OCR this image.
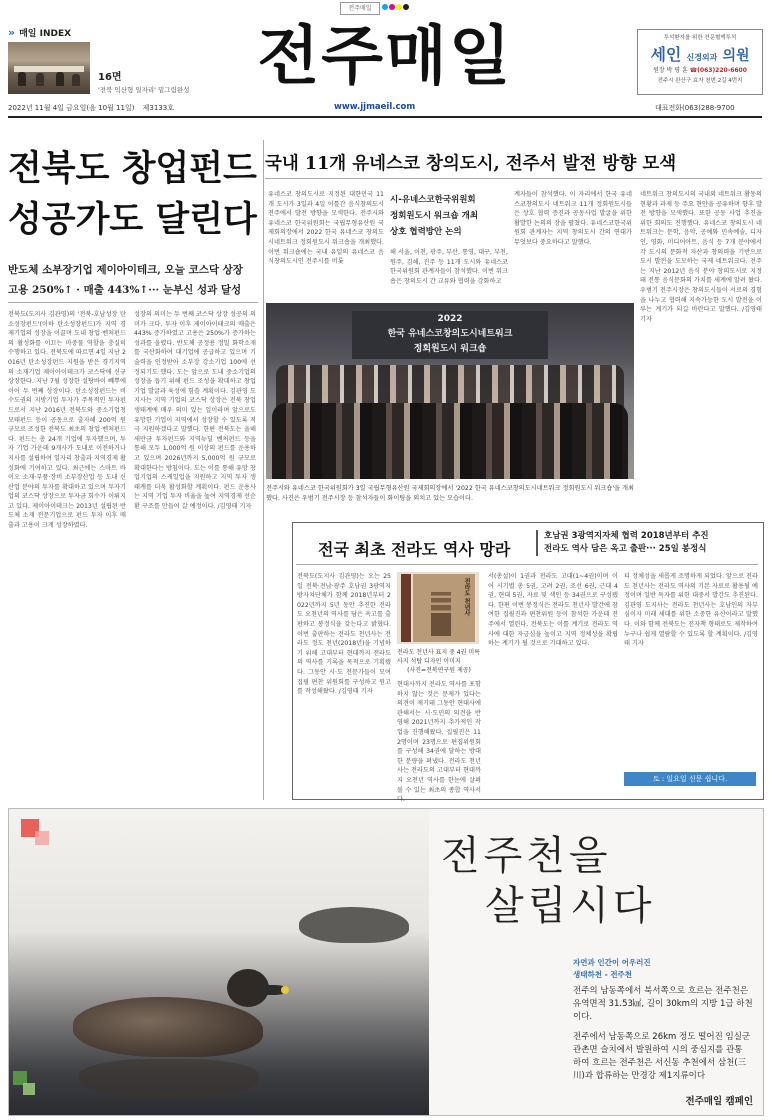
전주매일
» 매일 INDEX
16면
'전북 익산형 일자리' 밑그림완성 전주매일	투석환자를 위한 전문혈액투석
세인 신경외과 의원
원장 박 평 훈 ☎(063)220-6600
전주시 완산구 효자 천변 2길 4번지
2022년 11월 4일 금요일(음 10월 11일) 제3133호	www.jjmaeil.com	대표전화(063)288-9700
전북도 창업펀드
성공가도 달린다
반도체 소부장기업 제이아이테크, 오늘 코스닥 상장
고용 250%↑ · 매출 443%↑··· 눈부신 성과 달성

전북도(도지사 김관영)의 '전북-호남성장 탄소성장펀드'(이하 탄소성장펀드)가 지역 경제기업의 성장을 이끌며 도내 창업·벤처펀드의 활성화를 이끄는 마중물 역할을 충실히 수행하고 있다. 전북도에 따르면 4일 지난 2016년 탄소성장펀드 지원을 받은 경기지역의 소재기업 제이아이테크가 코스닥에 신규상장한다. 지난 7월 성장한 설탕바이 빼뿌에 이어 두 번째 상장이다. 탄소성장펀드는 비수도권의 지방기업 투자가 주목적인 투자펀드로서 지난 2016년 전북도와 중소기업청 모태펀드 등이 공동으로 출자해 200억 원 규모로 조성한 전북도 최초의 창업·벤처펀드다. 펀드는 총 24개 기업에 투자했으며, 투자 기업 가운데 9개사가 도내로 이전하거나 지사를 설립하여 일자리 창출과 지역경제 활성화에 기여하고 있다. 최근에는 스마트 바이오 소재·부품·장비 소부장산업 등 도내 신산업 분야의 투자를 확대하고 있으며 투자기업의 코스닥 상장으로 투자금 회수가 이뤄지고 있다. 제이아이테크는 2013년 설립된 반도체 소재 전문기업으로 펀드 투자 이후 매출과 고용이 크게 성장하였다.

성장의 의미는 두 번째 코스닥 상장 성공의 의미가 크다. 투자 이후 제이아이테크의 매출은 443% 증가하였고 고용은 250%가 증가하는 성과를 올렸다. 반도체 공정용 정밀 화학소재를 국산화하여 대기업에 공급하고 있으며 기술력을 인정받아 소부장 강소기업 100에 선정되기도 했다. 도는 앞으로 도내 중소기업의 성장을 돕기 위해 펀드 조성을 확대하고 창업기업 발굴과 육성에 힘쓸 계획이다. 김관영 도지사는 지역 기업의 코스닥 상장은 전북 창업 생태계에 매우 의미 있는 일이라며 앞으로도 유망한 기업이 지역에서 성장할 수 있도록 적극 지원하겠다고 말했다. 한편 전북도는 올해 새만금 투자펀드와 지역뉴딜 벤처펀드 등을 통해 모두 1,000억 원 이상의 펀드를 운용하고 있으며 2026년까지 5,000억 원 규모로 확대한다는 방침이다. 도는 이를 통해 유망 창업기업의 스케일업을 지원하고 지역 투자 생태계를 더욱 활성화할 계획이다. 펀드 운용사는 지역 기업 투자 비율을 높여 지역경제 선순환 구조를 만들어 갈 예정이다. /김영태 기자

국내 11개 유네스코 창의도시, 전주서 발전 방향 모색

유네스코 창의도시로 지정된 대한민국 11개 도시가 3일과 4일 이틀간 음식창의도시 전주에서 발전 방향을 모색한다. 전주시와 유네스코 한국위원회는 국립무형유산원 국제회의장에서 2022 한국 유네스코 창의도시네트워크 정회원도시 워크숍을 개최했다. 이번 워크숍에는 국내 유일의 유네스코 음식창의도시인 전주시를 비롯

시-유네스코한국위원회
정회원도시 워크숍 개최
상호 협력방안 논의

해 서울, 이천, 광주, 부산, 통영, 대구, 부천, 원주, 김해, 진주 등 11개 도시와 유네스코한국위원회 관계자들이 참석했다. 이번 워크숍은 창의도시 간 교류와 협력을 강화하고

계자들이 참석했다. 이 자리에서 한국 유네스코창의도시 네트워크 11개 정회원도시들은 상호 협력 증진과 공동사업 발굴을 위한 활발한 논의의 장을 펼쳤다. 유네스코한국위원회 관계자는 지역 창의도시 간의 연대가 무엇보다 중요하다고 말했다.

네트워크 창의도시의 국내외 네트워크 활동의 현황과 과제 등 주요 현안을 공유하며 향후 발전 방향을 모색했다. 또한 공동 사업 추진을 위한 회의도 진행했다. 유네스코 창의도시 네트워크는 문학, 음악, 공예와 민속예술, 디자인, 영화, 미디어아트, 음식 등 7개 분야에서 각 도시의 문화적 자산과 창의력을 기반으로 도시 발전을 도모하는 국제 네트워크다. 전주는 지난 2012년 음식 분야 창의도시로 지정돼 전통 음식문화의 가치를 세계에 알려 왔다. 우범기 전주시장은 창의도시들이 서로의 경험을 나누고 협력해 지속가능한 도시 발전을 이루는 계기가 되길 바란다고 말했다. /김영태 기자

2022
한국 유네스코창의도시네트워크
정회원도시 워크숍

전주시와 유네스코 한국위원회가 3일 국립무형유산원 국제회의장에서 '2022 한국 유네스코창의도시네트워크 정회원도시 워크숍'을 개최했다. 사진은 우범기 전주시장 등 참석자들이 화이팅을 외치고 있는 모습이다.

전국 최초 전라도 역사 망라
호남권 3광역지자체 협력 2018년부터 추진
전라도 역사 담은 옥고 출판··· 25일 봉정식

전북도(도지사 김관영)는 오는 25일 전북·전남·광주 호남권 3광역지방자치단체가 함께 2018년부터 2022년까지 5년 동안 추진한 전라도 오천년의 역사를 담은 옥고를 출판하고 봉정식을 갖는다고 밝혔다. 이번 출판하는 전라도 천년사는 전라도 정도 천년(2018년)을 기념하기 위해 고대부터 현대까지 전라도의 역사를 기록을 목적으로 기획됐다. 그동안 시·도 전문가들이 모여 집필 편찬 위원회를 구성하고 원고를 작성해왔다. /김영태 기자

전라도 천년사
전라도 천년사 표지 중 4권 미륵사지 석탑 디자인 이미지
(사진=전북연구원 제공)

현대사까지 전라도 역사를 포함하지 않는 것은 문제가 있다는 의견이 제기돼 그동안 현대사에 관해서는 시·도민의 의견을 반영해 2021년까지 추가적인 작업을 진행해왔다. 집필진은 112명이며 23명으로 편집위원회를 구성해 34권에 달하는 방대한 분량을 펴냈다. 전라도 천년사는 전라도의 고대부터 현대까지 오천년 역사를 한눈에 살펴볼 수 있는 최초의 종합 역사서다.

서(총설)이 1권과 전라도 고대(1~4권)이며 이어 시기별 총 5권, 고려 2권, 조선 6권, 근대 4권, 현대 5권, 자료 및 색인 등 34권으로 구성됐다. 한편 이번 봉정식은 전라도 천년사 발간에 참여한 집필진과 편찬위원 등이 참석한 가운데 전주에서 열린다. 전북도는 이를 계기로 전라도 역사에 대한 자긍심을 높이고 지역 정체성을 확립하는 계기가 될 것으로 기대하고 있다.

티 정체성을 새롭게 조명하게 되었다. 앞으로 전라도 천년사는 전라도 역사의 기본 자료로 활용될 예정이며 일반 독자를 위한 대중서 발간도 추진된다. 김관영 도지사는 전라도 천년사는 호남인의 자부심이자 미래 세대를 위한 소중한 유산이라고 말했다. 이와 함께 전북도는 전자책 형태로도 제작하여 누구나 쉽게 열람할 수 있도록 할 계획이다. /김영태 기자

토 : 일요일 신문 쉽니다.
전주천을
살립시다
자연과 인간이 어우러진
생태하천 - 전주천
전주의 남동쪽에서 북서쪽으로 흐르는 전주천은 유역면적 31.53㎢, 길이 30km의 지방 1급 하천이다.
전주에서 남동쪽으로 26km 정도 떨어진 임실군 관촌면 슬치에서 발원하여 시의 중심지를 관통 하여 흐르는 전주천은 서신동 추천에서 삼천(三川)과 합류하는 만경강 제1지류이다
전주매일 캠페인
